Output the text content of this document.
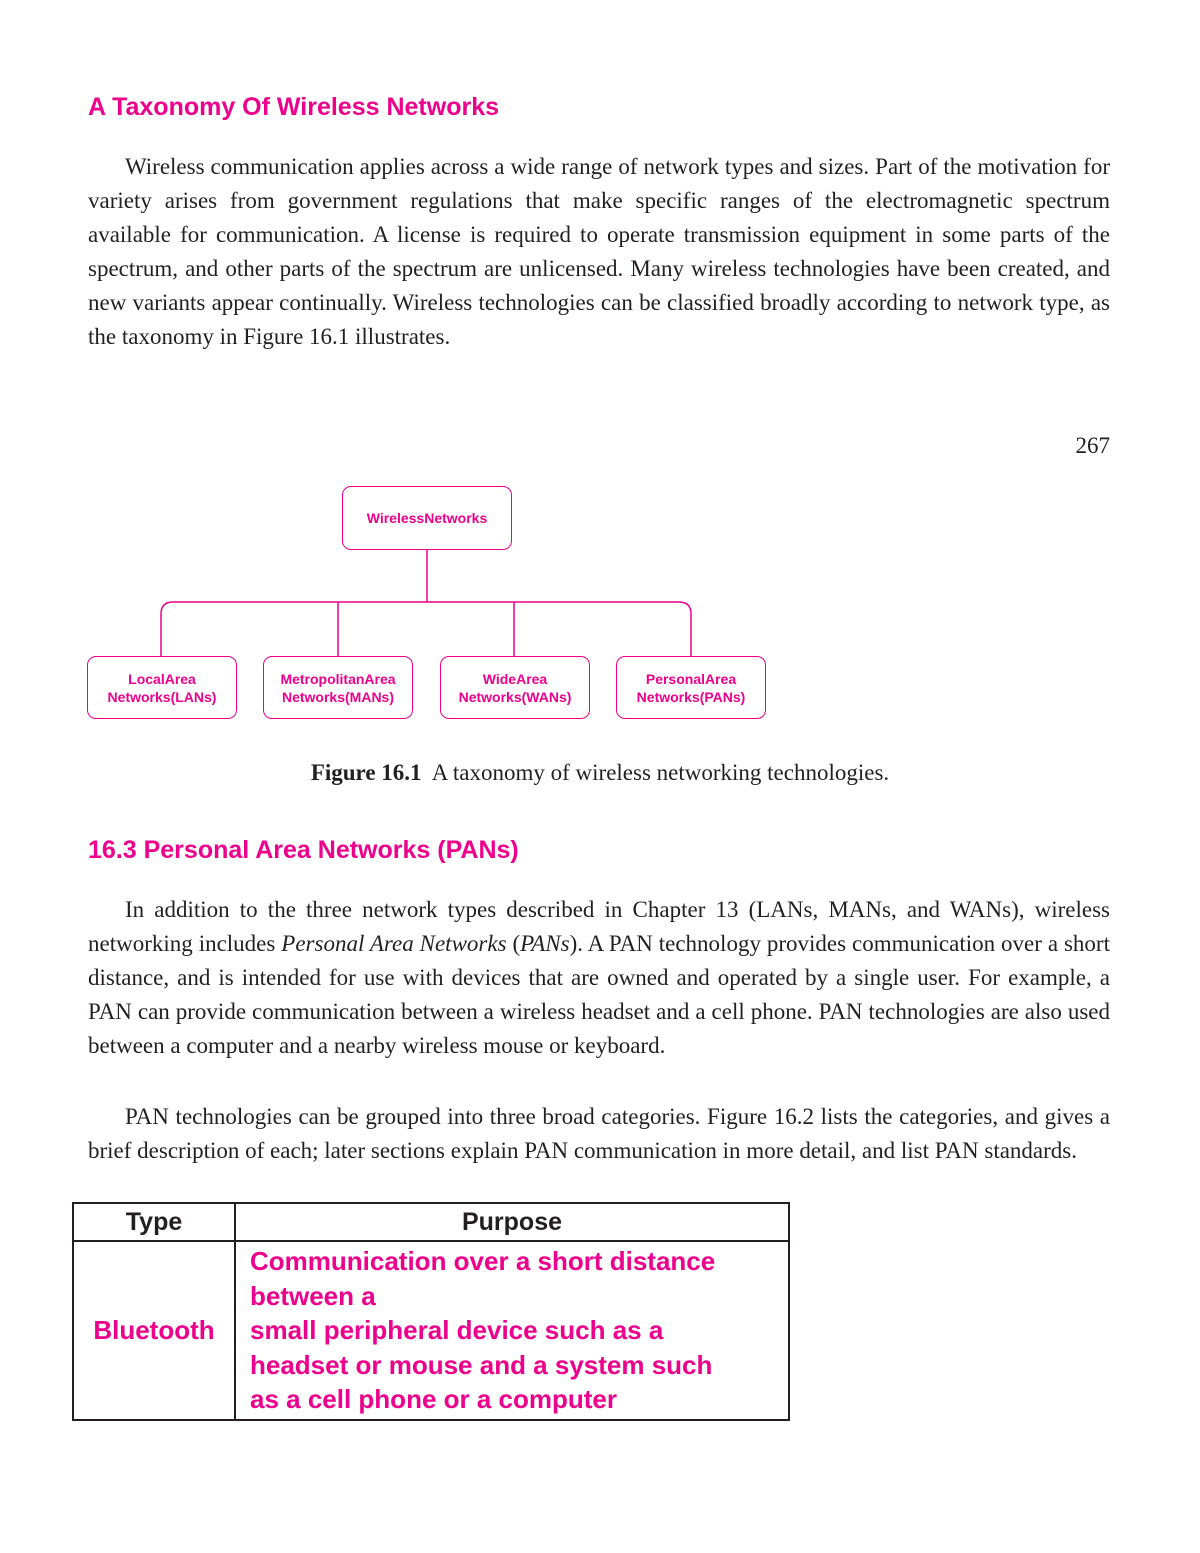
A Taxonomy Of Wireless Networks

Wireless communication applies across a wide range of network types and sizes. Part of the motivation for variety arises from government regulations that make specific ranges of the electromagnetic spectrum available for communication. A license is required to operate transmission equipment in some parts of the spectrum, and other parts of the spectrum are unlicensed. Many wireless technologies have been created, and new variants appear continually. Wireless technologies can be classified broadly according to network type, as the taxonomy in Figure 16.1 illustrates.

267
WirelessNetworks
LocalArea
Networks(LANs)
MetropolitanArea
Networks(MANs)
WideArea
Networks(WANs)
PersonalArea
Networks(PANs)

Figure 16.1 A taxonomy of wireless networking technologies.

16.3 Personal Area Networks (PANs)

In addition to the three network types described in Chapter 13 (LANs, MANs, and WANs), wireless networking includes Personal Area Networks (PANs). A PAN technology provides communication over a short distance, and is intended for use with devices that are owned and operated by a single user. For example, a PAN can provide communication between a wireless headset and a cell phone. PAN technologies are also used between a computer and a nearby wireless mouse or keyboard.

PAN technologies can be grouped into three broad categories. Figure 16.2 lists the categories, and gives a brief description of each; later sections explain PAN communication in more detail, and list PAN standards.

Type	Purpose
Bluetooth	Communication over a short distance
between a
small peripheral device such as a
headset or mouse and a system such
as a cell phone or a computer
